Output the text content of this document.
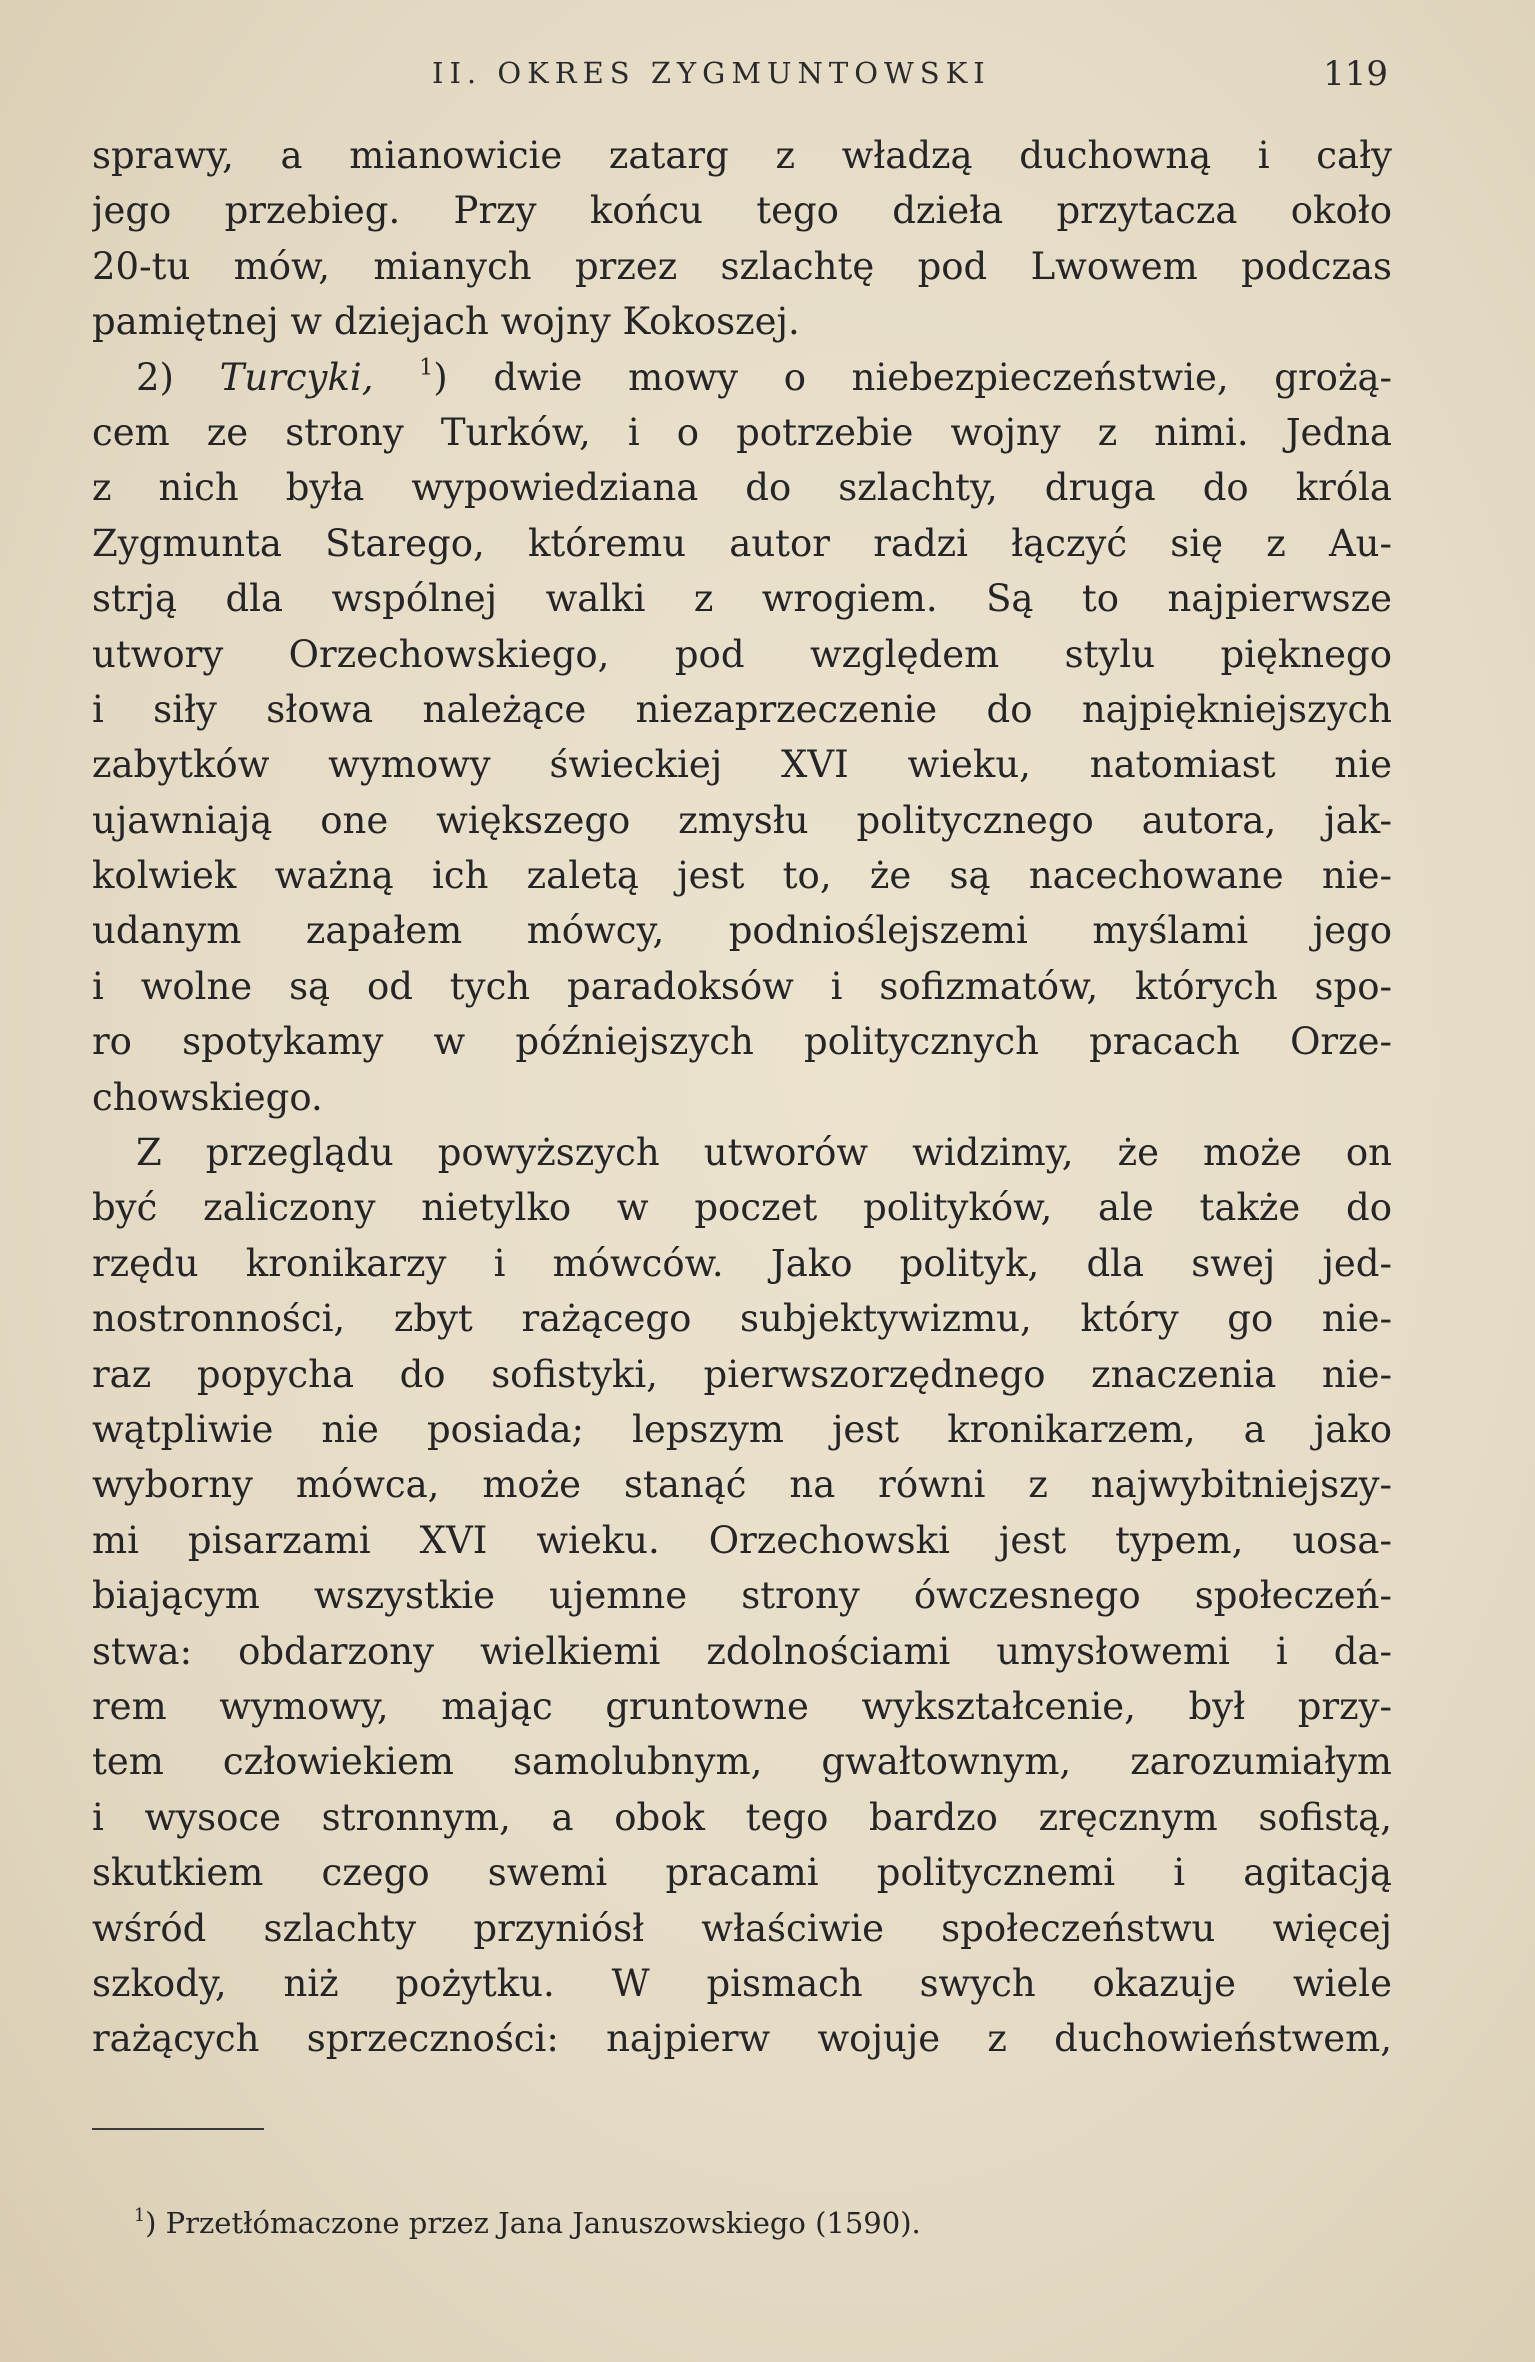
II. OKRES ZYGMUNTOWSKI	119
sprawy, a mianowicie zatarg z władzą duchowną i cały
jego przebieg. Przy końcu tego dzieła przytacza około
20-tu mów, mianych przez szlachtę pod Lwowem podczas
pamiętnej w dziejach wojny Kokoszej.
2) Turcyki, $^1$) dwie mowy o niebezpieczeństwie, grożą-
cem ze strony Turków, i o potrzebie wojny z nimi. Jedna
z nich była wypowiedziana do szlachty, druga do króla
Zygmunta Starego, któremu autor radzi łączyć się z Au-
strją dla wspólnej walki z wrogiem. Są to najpierwsze
utwory Orzechowskiego, pod względem stylu pięknego
i siły słowa należące niezaprzeczenie do najpiękniejszych
zabytków wymowy świeckiej XVI wieku, natomiast nie
ujawniają one większego zmysłu politycznego autora, jak-
kolwiek ważną ich zaletą jest to, że są nacechowane nie-
udanym zapałem mówcy, podnioślejszemi myślami jego
i wolne są od tych paradoksów i sofizmatów, których spo-
ro spotykamy w późniejszych politycznych pracach Orze-
chowskiego.
Z przeglądu powyższych utworów widzimy, że może on
być zaliczony nietylko w poczet polityków, ale także do
rzędu kronikarzy i mówców. Jako polityk, dla swej jed-
nostronności, zbyt rażącego subjektywizmu, który go nie-
raz popycha do sofistyki, pierwszorzędnego znaczenia nie-
wątpliwie nie posiada; lepszym jest kronikarzem, a jako
wyborny mówca, może stanąć na równi z najwybitniejszy-
mi pisarzami XVI wieku. Orzechowski jest typem, uosa-
biającym wszystkie ujemne strony ówczesnego społeczeń-
stwa: obdarzony wielkiemi zdolnościami umysłowemi i da-
rem wymowy, mając gruntowne wykształcenie, był przy-
tem człowiekiem samolubnym, gwałtownym, zarozumiałym
i wysoce stronnym, a obok tego bardzo zręcznym sofistą,
skutkiem czego swemi pracami politycznemi i agitacją
wśród szlachty przyniósł właściwie społeczeństwu więcej
szkody, niż pożytku. W pismach swych okazuje wiele
rażących sprzeczności: najpierw wojuje z duchowieństwem,
$^1$) Przetłómaczone przez Jana Januszowskiego (1590).
